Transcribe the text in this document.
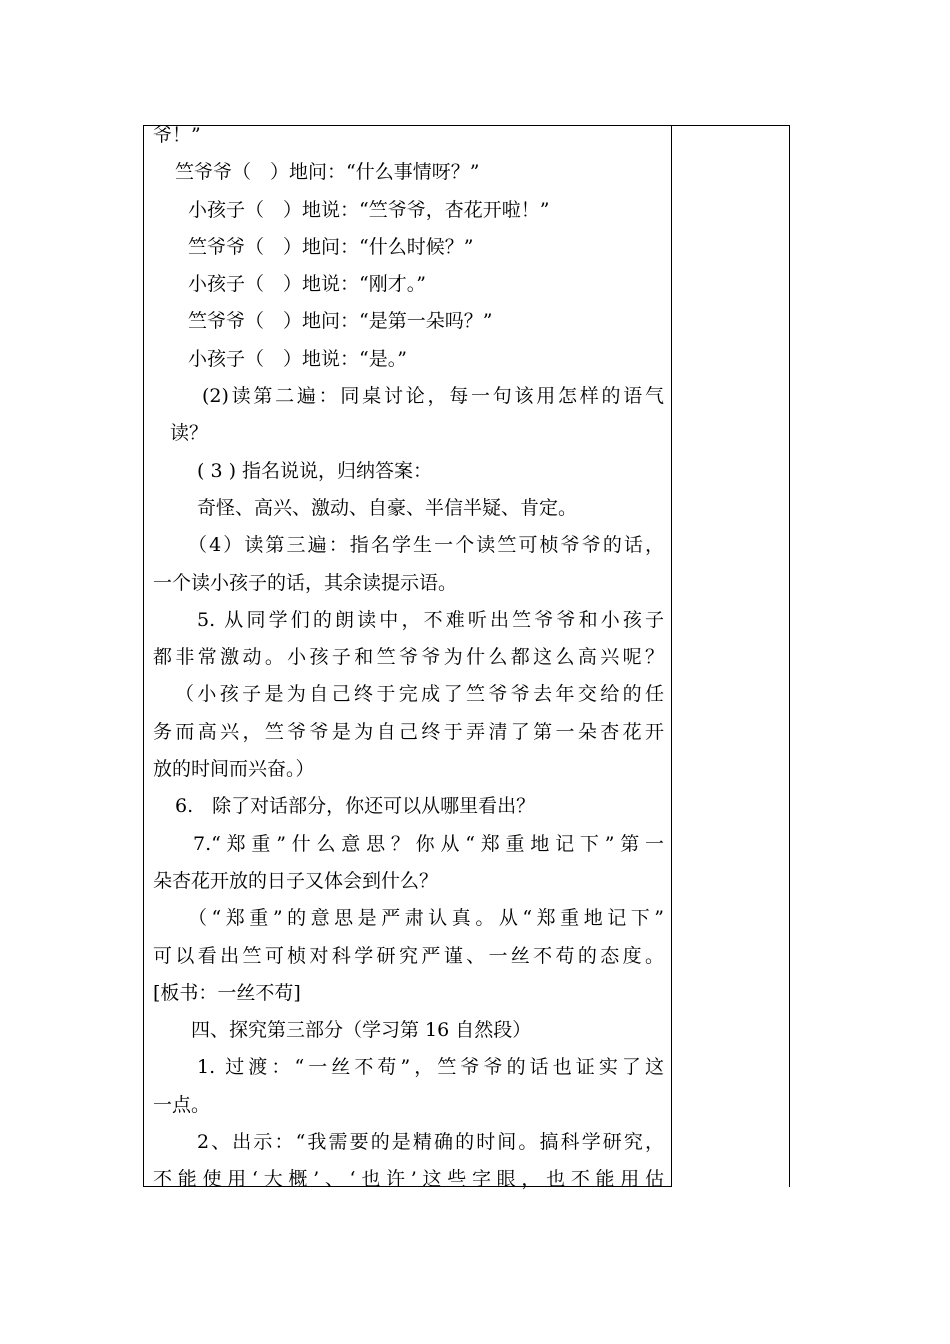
爷！”
竺爷爷（　）地问：“什么事情呀？”
小孩子（　）地说：“竺爷爷，杏花开啦！”
竺爷爷（　）地问：“什么时候？”
小孩子（　）地说：“刚才。”
竺爷爷（　）地问：“是第一朵吗？”
小孩子（　）地说：“是。”
(2)读第二遍：同桌讨论，每一句该用怎样的语气
读？
( 3 ) 指名说说，归纳答案：
奇怪、高兴、激动、自豪、半信半疑、肯定。
（4）读第三遍：指名学生一个读竺可桢爷爷的话，
一个读小孩子的话，其余读提示语。
5. 从同学们的朗读中，不难听出竺爷爷和小孩子
都非常激动。小孩子和竺爷爷为什么都这么高兴呢？
（小孩子是为自己终于完成了竺爷爷去年交给的任
务而高兴，竺爷爷是为自己终于弄清了第一朵杏花开
放的时间而兴奋。）
6.　除了对话部分，你还可以从哪里看出？
7.“郑重”什么意思？你从“郑重地记下”第一
朵杏花开放的日子又体会到什么？
（“郑重”的意思是严肃认真。从“郑重地记下”
可以看出竺可桢对科学研究严谨、一丝不苟的态度。
[板书：一丝不苟]
四、探究第三部分（学习第 16 自然段）
1. 过渡：“一丝不苟”，竺爷爷的话也证实了这
一点。
2、出示：“我需要的是精确的时间。搞科学研究，
不能使用‘大概’、‘也许’这些字眼，也不能用估
